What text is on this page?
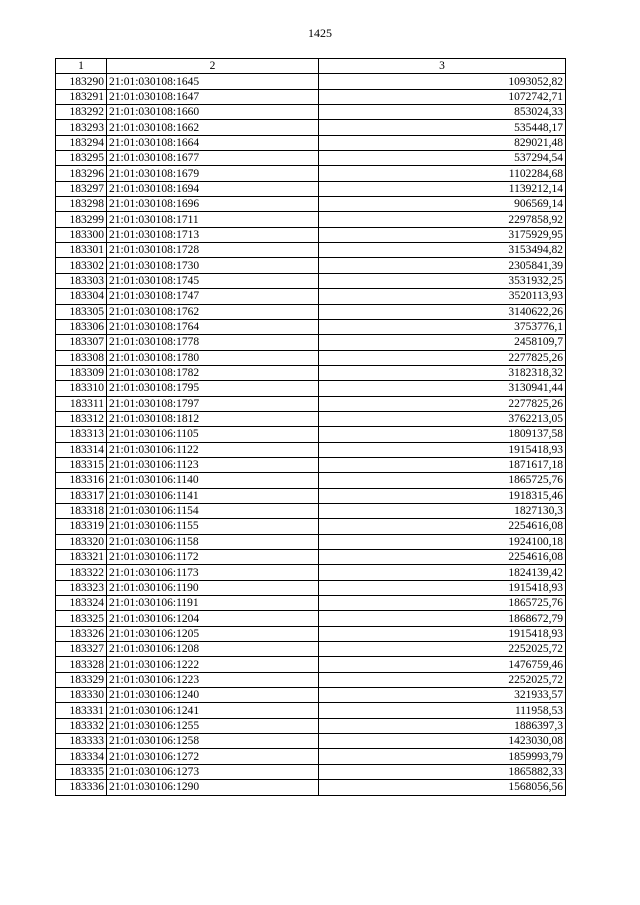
1425
1	2	3
183290	21:01:030108:1645	1093052,82
183291	21:01:030108:1647	1072742,71
183292	21:01:030108:1660	853024,33
183293	21:01:030108:1662	535448,17
183294	21:01:030108:1664	829021,48
183295	21:01:030108:1677	537294,54
183296	21:01:030108:1679	1102284,68
183297	21:01:030108:1694	1139212,14
183298	21:01:030108:1696	906569,14
183299	21:01:030108:1711	2297858,92
183300	21:01:030108:1713	3175929,95
183301	21:01:030108:1728	3153494,82
183302	21:01:030108:1730	2305841,39
183303	21:01:030108:1745	3531932,25
183304	21:01:030108:1747	3520113,93
183305	21:01:030108:1762	3140622,26
183306	21:01:030108:1764	3753776,1
183307	21:01:030108:1778	2458109,7
183308	21:01:030108:1780	2277825,26
183309	21:01:030108:1782	3182318,32
183310	21:01:030108:1795	3130941,44
183311	21:01:030108:1797	2277825,26
183312	21:01:030108:1812	3762213,05
183313	21:01:030106:1105	1809137,58
183314	21:01:030106:1122	1915418,93
183315	21:01:030106:1123	1871617,18
183316	21:01:030106:1140	1865725,76
183317	21:01:030106:1141	1918315,46
183318	21:01:030106:1154	1827130,3
183319	21:01:030106:1155	2254616,08
183320	21:01:030106:1158	1924100,18
183321	21:01:030106:1172	2254616,08
183322	21:01:030106:1173	1824139,42
183323	21:01:030106:1190	1915418,93
183324	21:01:030106:1191	1865725,76
183325	21:01:030106:1204	1868672,79
183326	21:01:030106:1205	1915418,93
183327	21:01:030106:1208	2252025,72
183328	21:01:030106:1222	1476759,46
183329	21:01:030106:1223	2252025,72
183330	21:01:030106:1240	321933,57
183331	21:01:030106:1241	111958,53
183332	21:01:030106:1255	1886397,3
183333	21:01:030106:1258	1423030,08
183334	21:01:030106:1272	1859993,79
183335	21:01:030106:1273	1865882,33
183336	21:01:030106:1290	1568056,56
